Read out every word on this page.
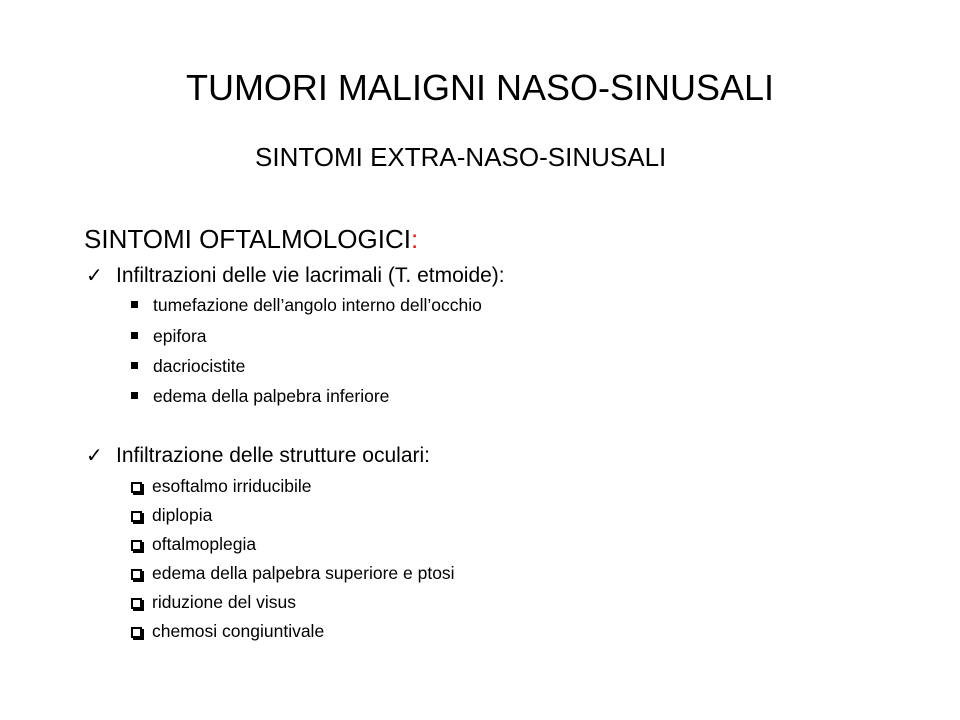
TUMORI MALIGNI NASO-SINUSALI
SINTOMI EXTRA-NASO-SINUSALI
SINTOMI OFTALMOLOGICI:
✓ Infiltrazioni delle vie lacrimali (T. etmoide):
tumefazione dell’angolo interno dell’occhio
epifora
dacriocistite
edema della palpebra inferiore
✓ Infiltrazione delle strutture oculari:
esoftalmo irriducibile
diplopia
oftalmoplegia
edema della palpebra superiore e ptosi
riduzione del visus
chemosi congiuntivale
